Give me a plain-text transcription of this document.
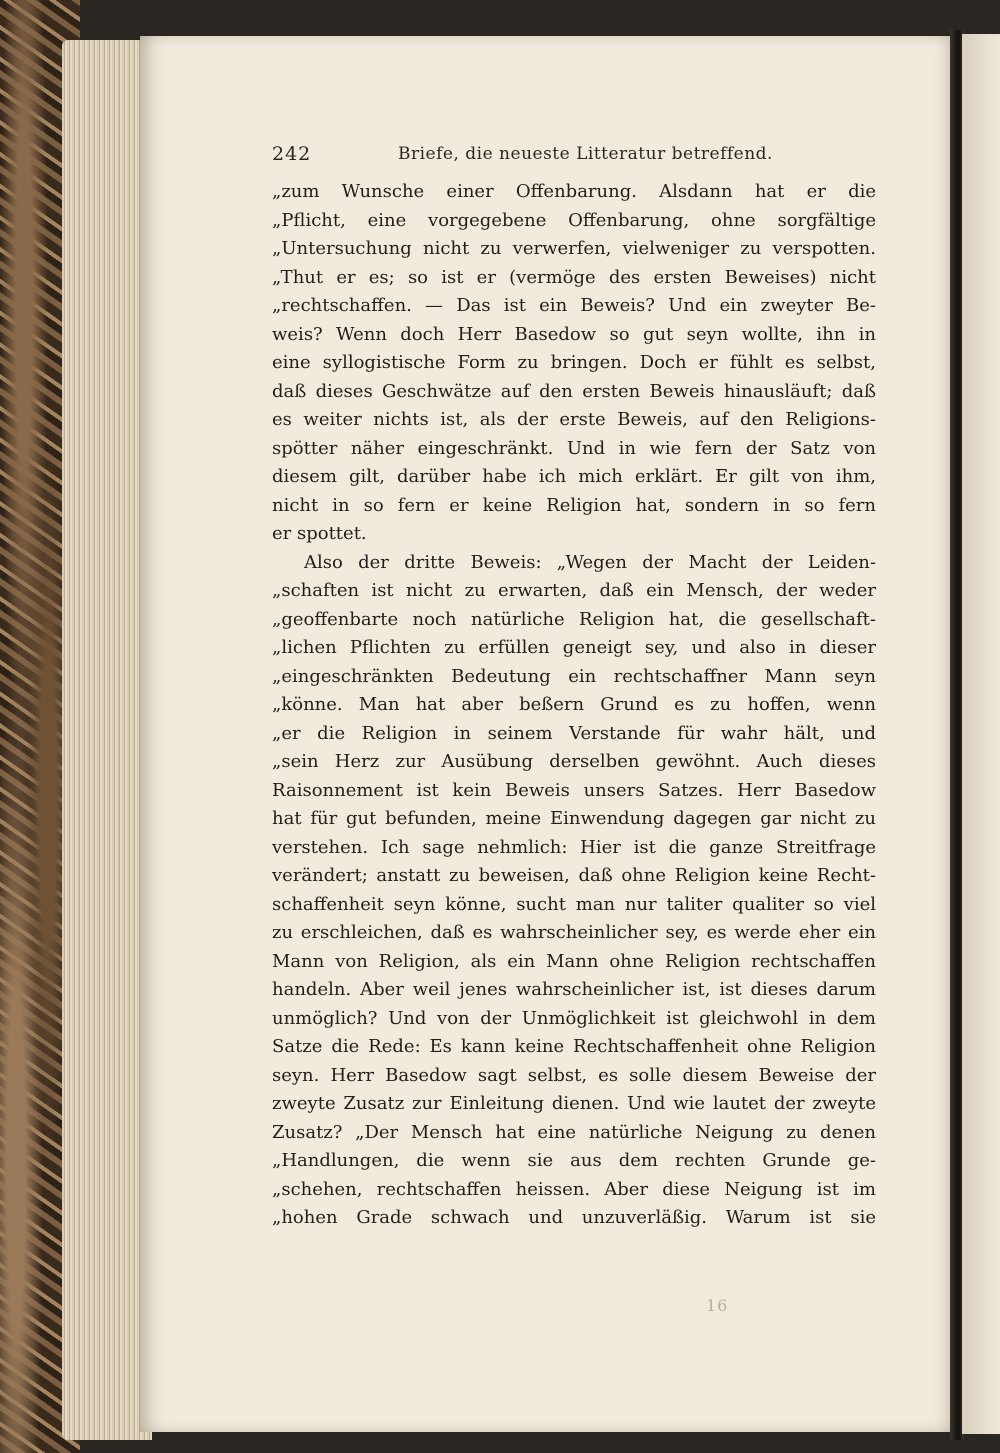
242	Briefe, die neueste Litteratur betreffend.
„zum Wunsche einer Offenbarung. Alsdann hat er die
„Pflicht, eine vorgegebene Offenbarung, ohne sorgfältige
„Untersuchung nicht zu verwerfen, vielweniger zu verspotten.
„Thut er es; so ist er (vermöge des ersten Beweises) nicht
„rechtschaffen. — Das ist ein Beweis? Und ein zweyter Be-
weis? Wenn doch Herr Basedow so gut seyn wollte, ihn in
eine syllogistische Form zu bringen. Doch er fühlt es selbst,
daß dieses Geschwätze auf den ersten Beweis hinausläuft; daß
es weiter nichts ist, als der erste Beweis, auf den Religions-
spötter näher eingeschränkt. Und in wie fern der Satz von
diesem gilt, darüber habe ich mich erklärt. Er gilt von ihm,
nicht in so fern er keine Religion hat, sondern in so fern
er spottet.
Also der dritte Beweis: „Wegen der Macht der Leiden-
„schaften ist nicht zu erwarten, daß ein Mensch, der weder
„geoffenbarte noch natürliche Religion hat, die gesellschaft-
„lichen Pflichten zu erfüllen geneigt sey, und also in dieser
„eingeschränkten Bedeutung ein rechtschaffner Mann seyn
„könne. Man hat aber beßern Grund es zu hoffen, wenn
„er die Religion in seinem Verstande für wahr hält, und
„sein Herz zur Ausübung derselben gewöhnt. Auch dieses
Raisonnement ist kein Beweis unsers Satzes. Herr Basedow
hat für gut befunden, meine Einwendung dagegen gar nicht zu
verstehen. Ich sage nehmlich: Hier ist die ganze Streitfrage
verändert; anstatt zu beweisen, daß ohne Religion keine Recht-
schaffenheit seyn könne, sucht man nur taliter qualiter so viel
zu erschleichen, daß es wahrscheinlicher sey, es werde eher ein
Mann von Religion, als ein Mann ohne Religion rechtschaffen
handeln. Aber weil jenes wahrscheinlicher ist, ist dieses darum
unmöglich? Und von der Unmöglichkeit ist gleichwohl in dem
Satze die Rede: Es kann keine Rechtschaffenheit ohne Religion
seyn. Herr Basedow sagt selbst, es solle diesem Beweise der
zweyte Zusatz zur Einleitung dienen. Und wie lautet der zweyte
Zusatz? „Der Mensch hat eine natürliche Neigung zu denen
„Handlungen, die wenn sie aus dem rechten Grunde ge-
„schehen, rechtschaffen heissen. Aber diese Neigung ist im
„hohen Grade schwach und unzuverläßig. Warum ist sie
16
